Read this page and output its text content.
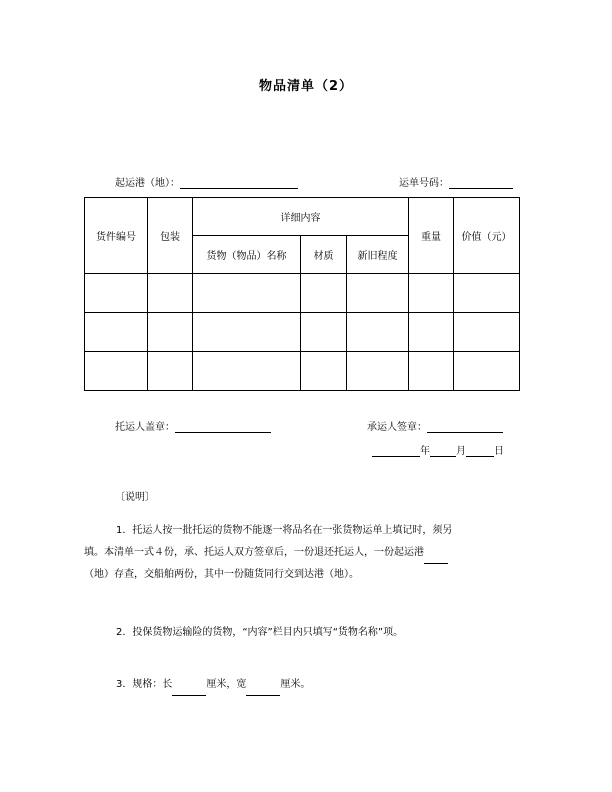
物品清单（2）
起运港（地）：	运单号码：
货件编号	包装	详细内容			重量	价值（元）
		货物（物品）名称	材质	新旧程度		

托运人盖章：	承运人签章：
年	月	日
〔说明〕
1．托运人按一批托运的货物不能逐一将品名在一张货物运单上填记时，须另
填。本清单一式４份，承、托运人双方签章后，一份退还托运人，一份起运港
（地）存查，交船舶两份，其中一份随货同行交到达港（地）。
2．投保货物运输险的货物，“内容”栏目内只填写“货物名称”项。
3．规格：长	厘米，宽	厘米。
